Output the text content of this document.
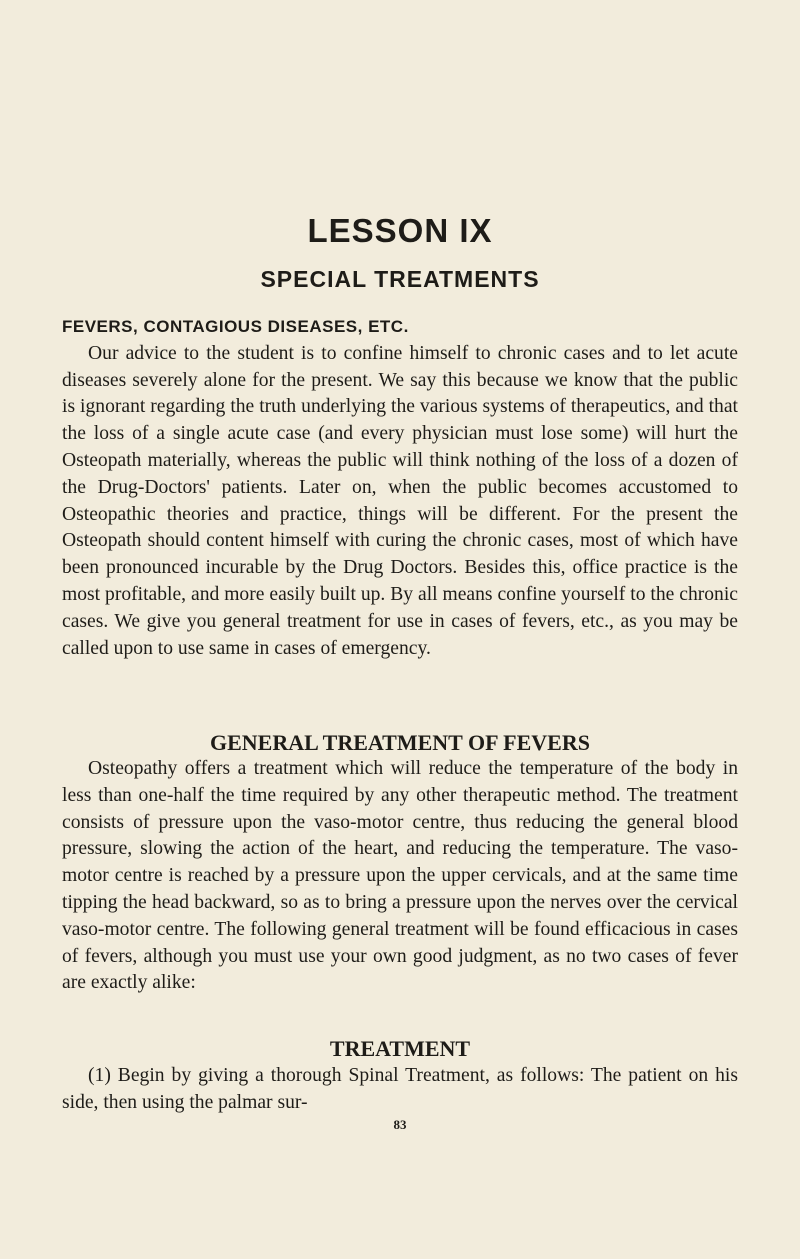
LESSON IX
SPECIAL TREATMENTS
FEVERS, CONTAGIOUS DISEASES, ETC.

Our advice to the student is to confine himself to chronic cases and to let acute diseases severely alone for the present. We say this because we know that the public is ignorant regarding the truth underlying the various systems of therapeutics, and that the loss of a single acute case (and every physician must lose some) will hurt the Osteopath materially, whereas the public will think nothing of the loss of a dozen of the Drug-Doctors' patients. Later on, when the public becomes accustomed to Osteopathic theories and practice, things will be different. For the present the Osteopath should content himself with curing the chronic cases, most of which have been pronounced incurable by the Drug Doctors. Besides this, office practice is the most profitable, and more easily built up. By all means confine yourself to the chronic cases. We give you general treatment for use in cases of fevers, etc., as you may be called upon to use same in cases of emergency.

GENERAL TREATMENT OF FEVERS

Osteopathy offers a treatment which will reduce the temperature of the body in less than one-half the time required by any other therapeutic method. The treatment consists of pressure upon the vaso-motor centre, thus reducing the general blood pressure, slowing the action of the heart, and reducing the temperature. The vaso-motor centre is reached by a pressure upon the upper cervicals, and at the same time tipping the head backward, so as to bring a pressure upon the nerves over the cervical vaso-motor centre. The following general treatment will be found efficacious in cases of fevers, although you must use your own good judgment, as no two cases of fever are exactly alike:

TREATMENT

(1) Begin by giving a thorough Spinal Treatment, as follows: The patient on his side, then using the palmar sur-

83
